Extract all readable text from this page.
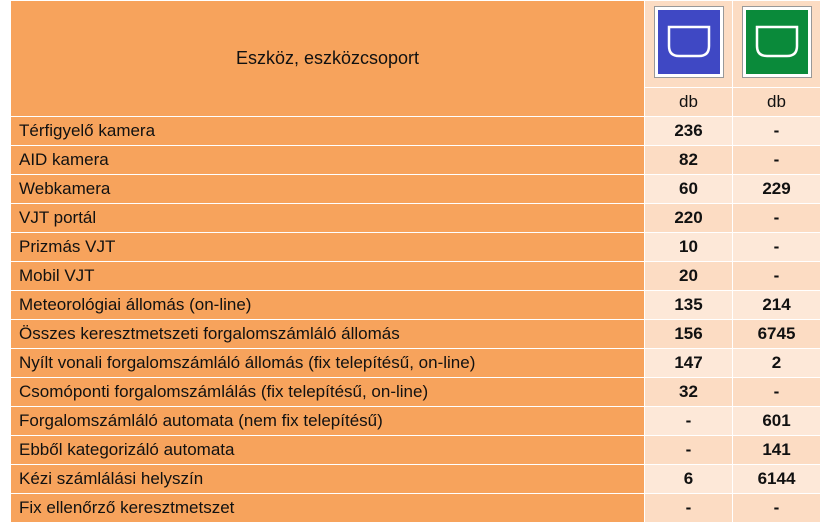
Eszköz, eszközcsoport	

	db	db
Térfigyelő kamera	236	-
AID kamera	82	-
Webkamera	60	229
VJT portál	220	-
Prizmás VJT	10	-
Mobil VJT	20	-
Meteorológiai állomás (on-line)	135	214
Összes keresztmetszeti forgalomszámláló állomás	156	6745
Nyílt vonali forgalomszámláló állomás (fix telepítésű, on-line)	147	2
Csomóponti forgalomszámlálás (fix telepítésű, on-line)	32	-
Forgalomszámláló automata (nem fix telepítésű)	-	601
Ebből kategorizáló automata	-	141
Kézi számlálási helyszín	6	6144
Fix ellenőrző keresztmetszet	-	-
